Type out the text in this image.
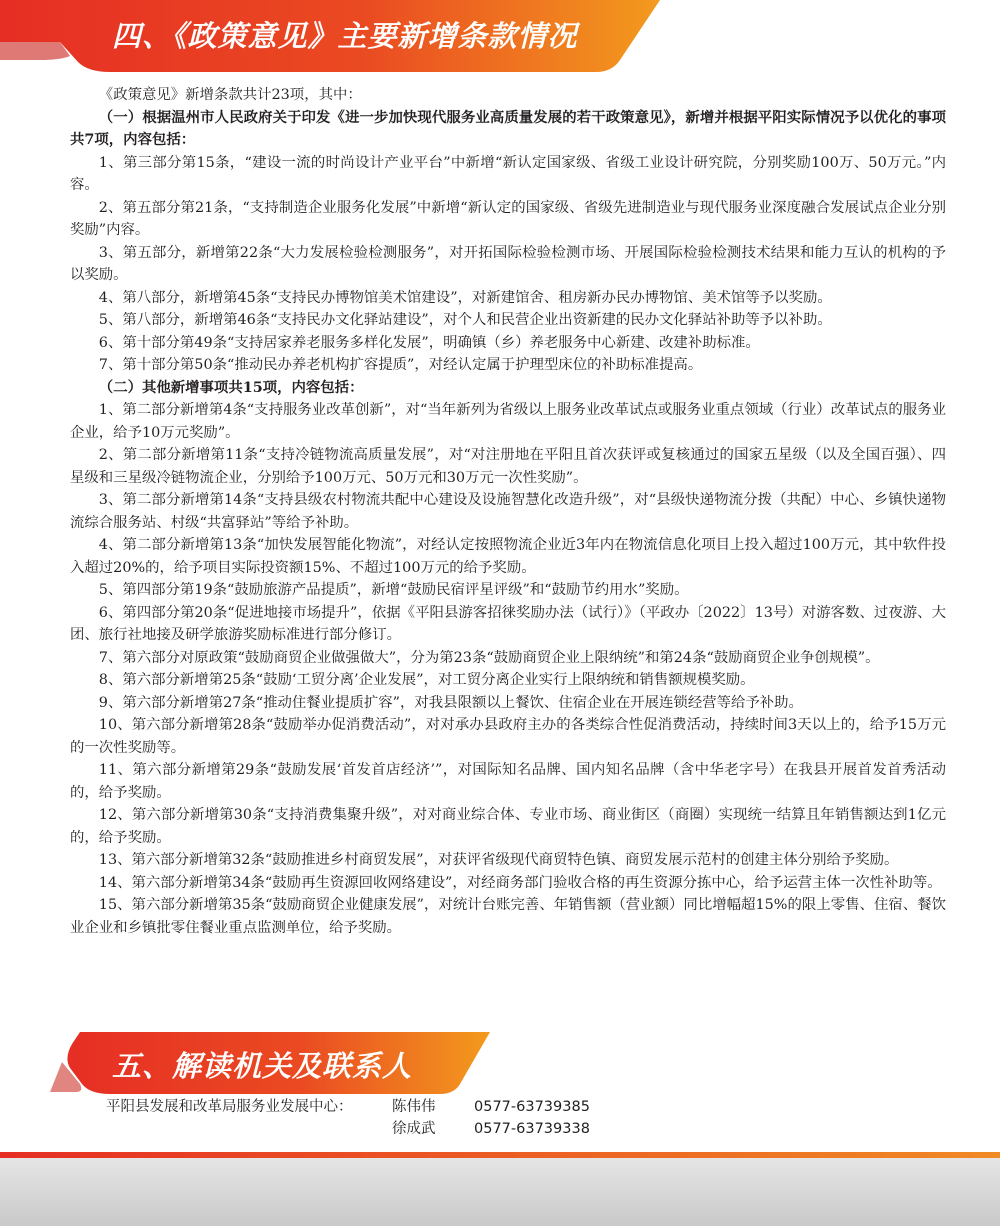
四、《政策意见》主要新增条款情况

《政策意见》新增条款共计23项，其中：

（一）根据温州市人民政府关于印发《进一步加快现代服务业高质量发展的若干政策意见》，新增并根据平阳实际情况予以优化的事项共7项，内容包括：

1、第三部分第15条，“建设一流的时尚设计产业平台”中新增“新认定国家级、省级工业设计研究院，分别奖励100万、50万元。”内容。

2、第五部分第21条，“支持制造企业服务化发展”中新增“新认定的国家级、省级先进制造业与现代服务业深度融合发展试点企业分别奖励”内容。

3、第五部分，新增第22条“大力发展检验检测服务”，对开拓国际检验检测市场、开展国际检验检测技术结果和能力互认的机构的予以奖励。

4、第八部分，新增第45条“支持民办博物馆美术馆建设”，对新建馆舍、租房新办民办博物馆、美术馆等予以奖励。

5、第八部分，新增第46条“支持民办文化驿站建设”，对个人和民营企业出资新建的民办文化驿站补助等予以补助。

6、第十部分第49条“支持居家养老服务多样化发展”，明确镇（乡）养老服务中心新建、改建补助标准。

7、第十部分第50条“推动民办养老机构扩容提质”，对经认定属于护理型床位的补助标准提高。

（二）其他新增事项共15项，内容包括：

1、第二部分新增第4条“支持服务业改革创新”，对“当年新列为省级以上服务业改革试点或服务业重点领域（行业）改革试点的服务业企业，给予10万元奖励”。

2、第二部分新增第11条“支持冷链物流高质量发展”，对“对注册地在平阳且首次获评或复核通过的国家五星级（以及全国百强）、四星级和三星级冷链物流企业，分别给予100万元、50万元和30万元一次性奖励”。

3、第二部分新增第14条“支持县级农村物流共配中心建设及设施智慧化改造升级”，对“县级快递物流分拨（共配）中心、乡镇快递物流综合服务站、村级“共富驿站”等给予补助。

4、第二部分新增第13条“加快发展智能化物流”，对经认定按照物流企业近3年内在物流信息化项目上投入超过100万元，其中软件投入超过20%的，给予项目实际投资额15%、不超过100万元的给予奖励。

5、第四部分第19条“鼓励旅游产品提质”，新增“鼓励民宿评星评级”和“鼓励节约用水”奖励。

6、第四部分第20条“促进地接市场提升”，依据《平阳县游客招徕奖励办法（试行）》（平政办〔2022〕13号）对游客数、过夜游、大团、旅行社地接及研学旅游奖励标准进行部分修订。

7、第六部分对原政策“鼓励商贸企业做强做大”，分为第23条“鼓励商贸企业上限纳统”和第24条“鼓励商贸企业争创规模”。

8、第六部分新增第25条“鼓励‘工贸分离’企业发展”，对工贸分离企业实行上限纳统和销售额规模奖励。

9、第六部分新增第27条“推动住餐业提质扩容”，对我县限额以上餐饮、住宿企业在开展连锁经营等给予补助。

10、第六部分新增第28条“鼓励举办促消费活动”，对对承办县政府主办的各类综合性促消费活动，持续时间3天以上的，给予15万元的一次性奖励等。

11、第六部分新增第29条“鼓励发展‘首发首店经济’”，对国际知名品牌、国内知名品牌（含中华老字号）在我县开展首发首秀活动的，给予奖励。

12、第六部分新增第30条“支持消费集聚升级”，对对商业综合体、专业市场、商业街区（商圈）实现统一结算且年销售额达到1亿元的，给予奖励。

13、第六部分新增第32条“鼓励推进乡村商贸发展”，对获评省级现代商贸特色镇、商贸发展示范村的创建主体分别给予奖励。

14、第六部分新增第34条“鼓励再生资源回收网络建设”，对经商务部门验收合格的再生资源分拣中心，给予运营主体一次性补助等。

15、第六部分新增第35条“鼓励商贸企业健康发展”，对统计台账完善、年销售额（营业额）同比增幅超15%的限上零售、住宿、餐饮业企业和乡镇批零住餐业重点监测单位，给予奖励。

五、解读机关及联系人
平阳县发展和改革局服务业发展中心：	陈伟伟	0577-63739385
徐成武	0577-63739338
